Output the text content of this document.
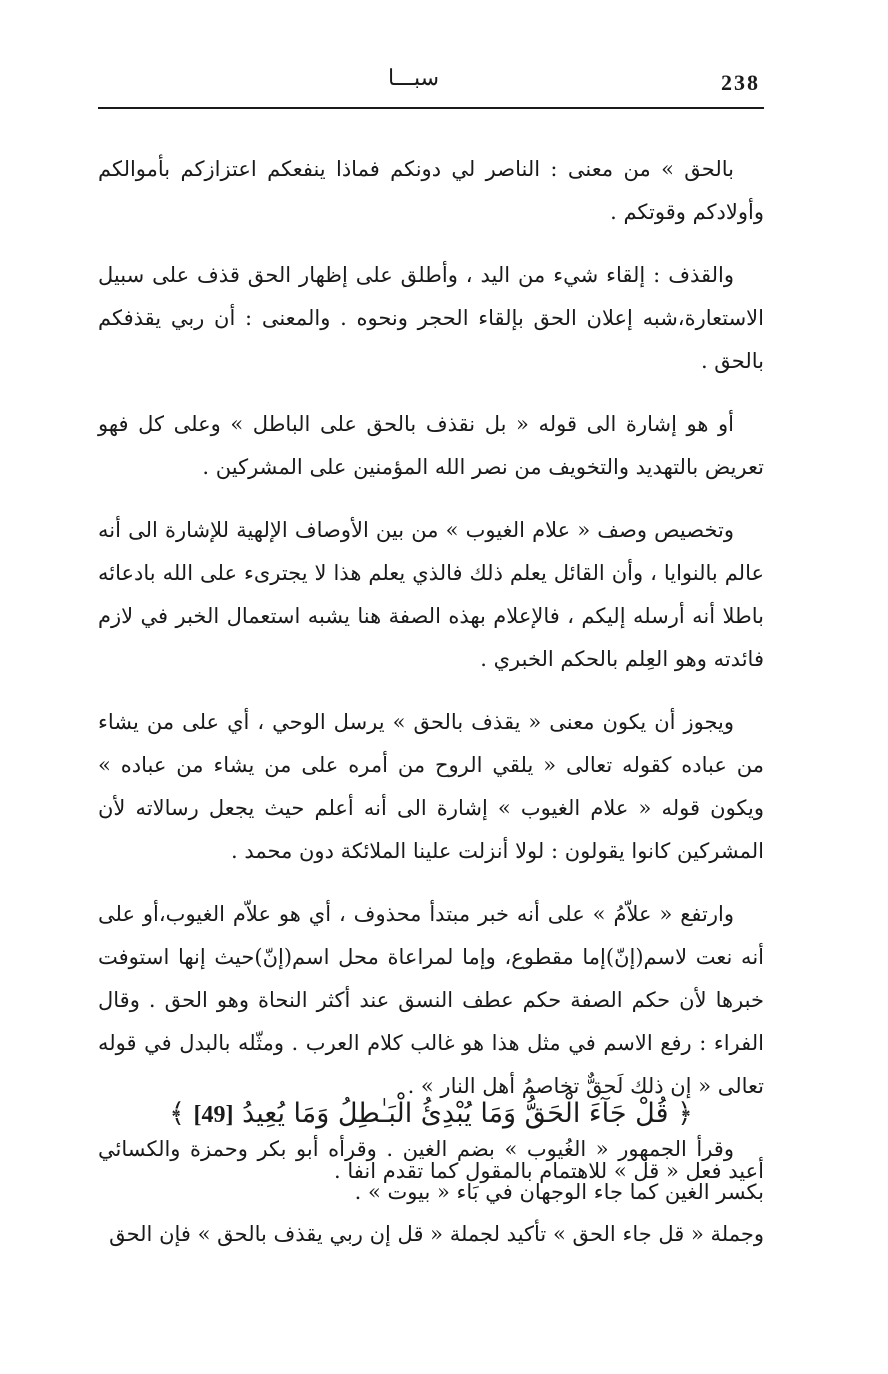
سبـــا	238

بالحق » من معنى : الناصر لي دونكم فماذا ينفعكم اعتزازكم بأموالكم وأولادكم وقوتكم .

والقذف : إلقاء شيء من اليد ، وأطلق على إظهار الحق قذف على سبيل الاستعارة،شبه إعلان الحق بإلقاء الحجر ونحوه . والمعنى : أن ربي يقذفكم بالحق .

أو هو إشارة الى قوله « بل نقذف بالحق على الباطل » وعلى كل فهو تعريض بالتهديد والتخويف من نصر الله المؤمنين على المشركين .

وتخصيص وصف « علام الغيوب » من بين الأوصاف الإلهية للإشارة الى أنه عالم بالنوايا ، وأن القائل يعلم ذلك فالذي يعلم هذا لا يجترىء على الله بادعائه باطلا أنه أرسله إليكم ، فالإعلام بهذه الصفة هنا يشبه استعمال الخبر في لازم فائدته وهو العِلم بالحكم الخبري .

ويجوز أن يكون معنى « يقذف بالحق » يرسل الوحي ، أي على من يشاء من عباده كقوله تعالى « يلقي الروح من أمره على من يشاء من عباده » ويكون قوله « علام الغيوب » إشارة الى أنه أعلم حيث يجعل رسالاته لأن المشركين كانوا يقولون : لولا أنزلت علينا الملائكة دون محمد .

وارتفع « علاّمُ » على أنه خبر مبتدأ محذوف ، أي هو علاّم الغيوب،أو على أنه نعت لاسم(إنّ)إما مقطوع، وإما لمراعاة محل اسم(إنّ)حيث إنها استوفت خبرها لأن حكم الصفة حكم عطف النسق عند أكثر النحاة وهو الحق . وقال الفراء : رفع الاسم في مثل هذا هو غالب كلام العرب . ومثّله بالبدل في قوله تعالى « إن ذلك لَحقٌّ تخاصمُ أهل النار » .

وقرأ الجمهور « الغُيوب » بضم الغين . وقرأه أبو بكر وحمزة والكسائي بكسر الغين كما جاء الوجهان في بَاء « بيوت » .

﴿ قُلْ جَآءَ الْحَقُّ وَمَا يُبْدِئُ الْبَـٰطِلُ وَمَا يُعِيدُ [49] ﴾

أعيد فعل « قل » للاهتمام بالمقول كما تقدم انفا .

وجملة « قل جاء الحق » تأكيد لجملة « قل إن ربي يقذف بالحق » فإن الحق
